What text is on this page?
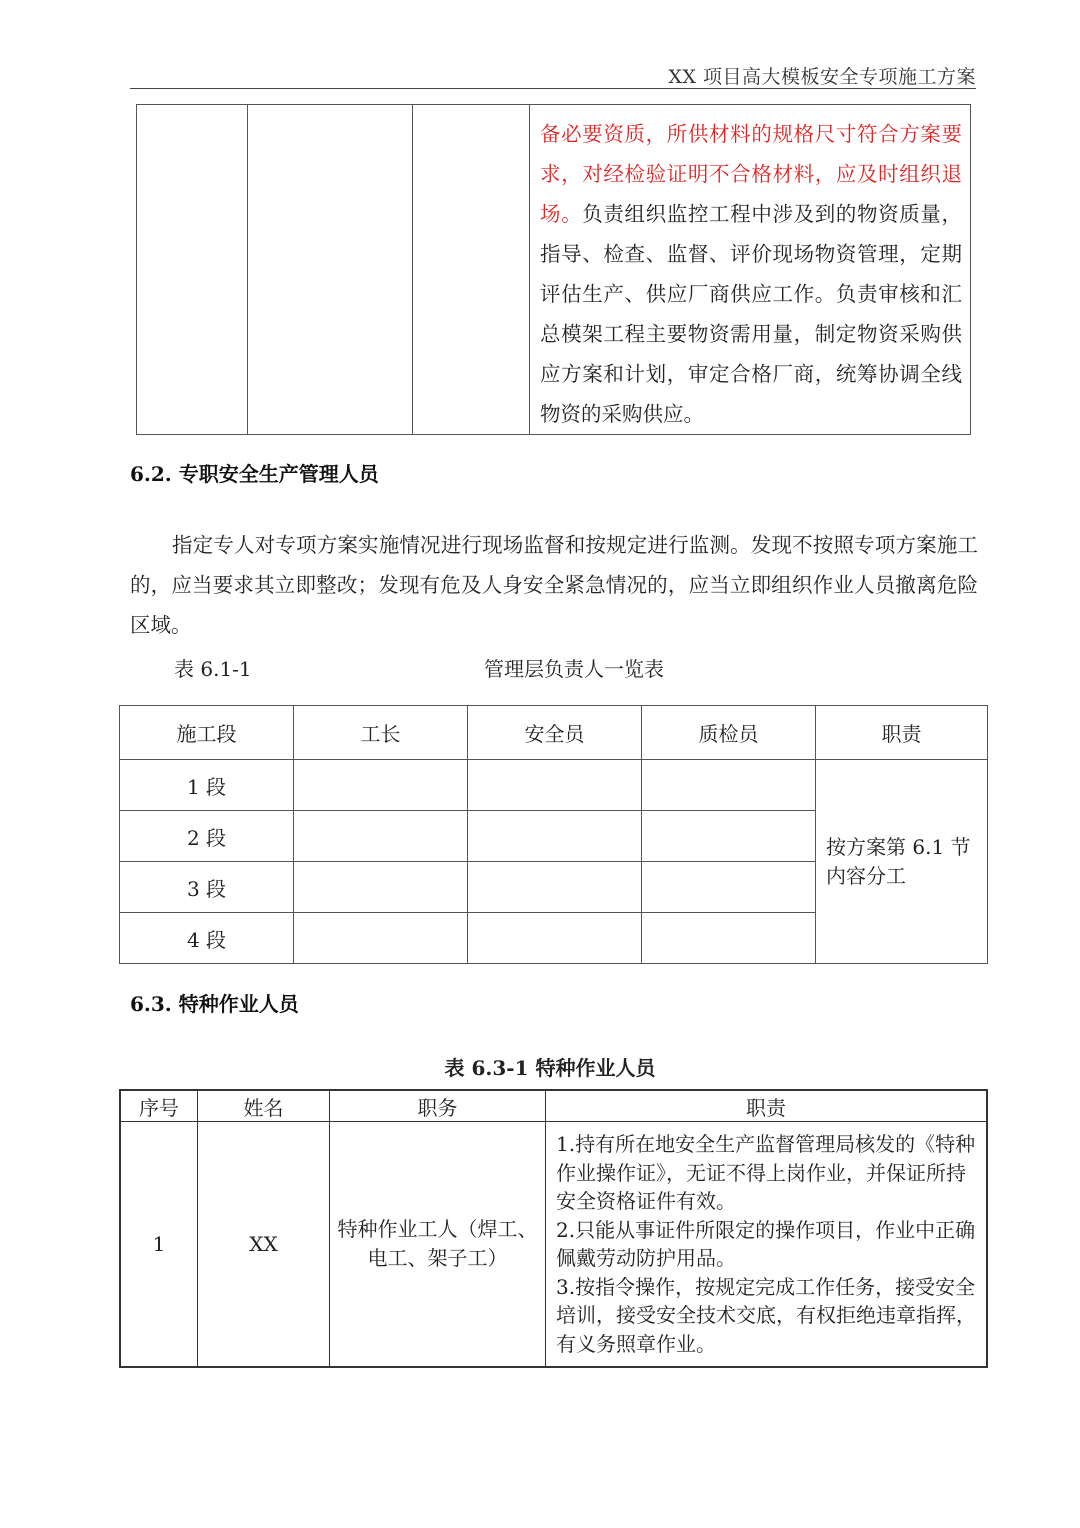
XX 项目高大模板安全专项施工方案

备必要资质，所供材料的规格尺寸符合方案要求，对经检验证明不合格材料，应及时组织退场。负责组织监控工程中涉及到的物资质量，指导、检查、监督、评价现场物资管理，定期评估生产、供应厂商供应工作。负责审核和汇总模架工程主要物资需用量，制定物资采购供应方案和计划，审定合格厂商，统筹协调全线物资的采购供应。
6.2. 专职安全生产管理人员
指定专人对专项方案实施情况进行现场监督和按规定进行监测。发现不按照专项方案施工的，应当要求其立即整改；发现有危及人身安全紧急情况的，应当立即组织作业人员撤离危险区域。
表 6.1-1	管理层负责人一览表
施工段	工长	安全员	质检员	职责
1 段				按方案第 6.1 节内容分工
2 段				
3 段				
4 段				
6.3. 特种作业人员
表 6.3-1 特种作业人员
序号	姓名	职务	职责
1	XX	特种作业工人（焊工、电工、架子工）	1.持有所在地安全生产监督管理局核发的《特种作业操作证》，无证不得上岗作业，并保证所持安全资格证件有效。
2.只能从事证件所限定的操作项目，作业中正确佩戴劳动防护用品。
3.按指令操作，按规定完成工作任务，接受安全培训，接受安全技术交底，有权拒绝违章指挥，有义务照章作业。
